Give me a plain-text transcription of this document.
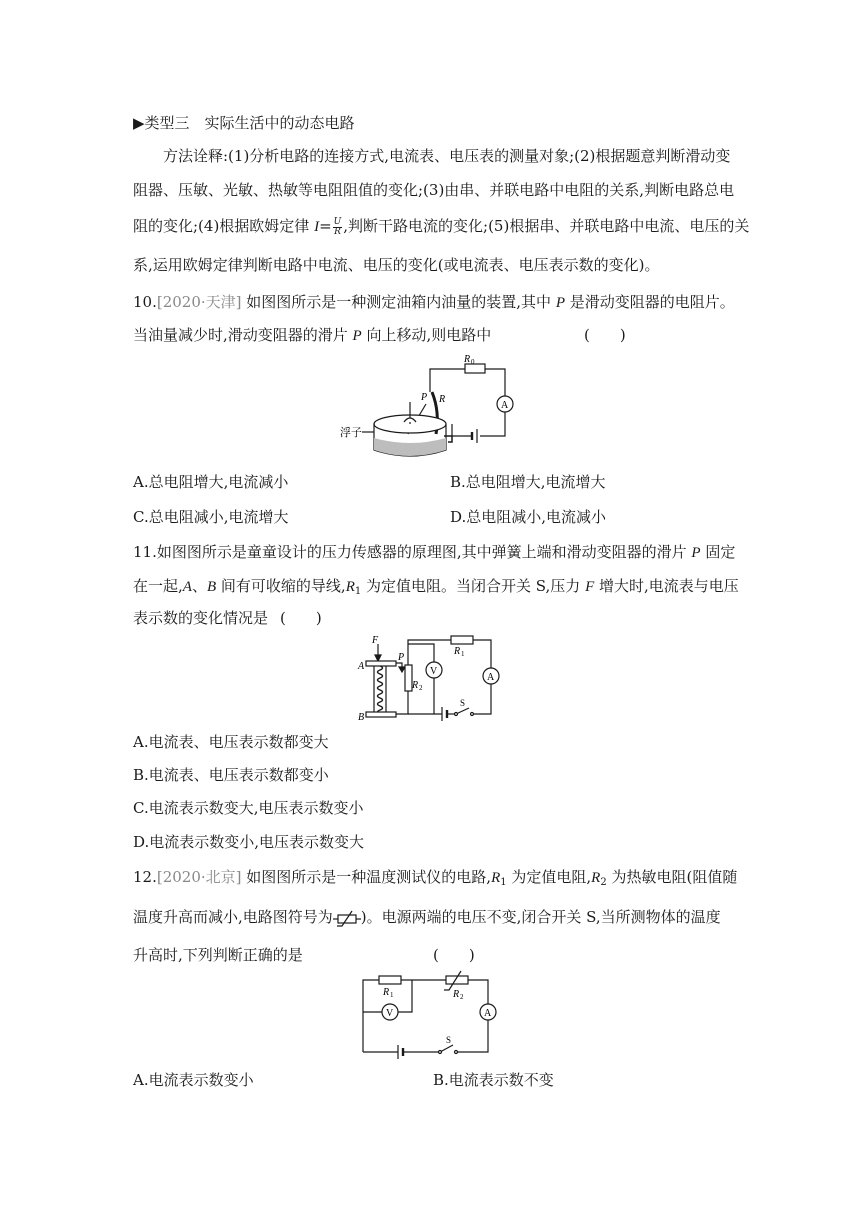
▶类型三　实际生活中的动态电路
方法诠释:(1)分析电路的连接方式,电流表、电压表的测量对象;(2)根据题意判断滑动变
阻器、压敏、光敏、热敏等电阻阻值的变化;(3)由串、并联电路中电阻的关系,判断电路总电
阻的变化;(4)根据欧姆定律 $I= \frac{U}{R}$ ,判断干路电流的变化;(5)根据串、并联电路中电流、电压的关
系,运用欧姆定律判断电路中电流、电压的变化(或电流表、电压表示数的变化)。
10.[2020·天津] 如图图所示是一种测定油箱内油量的装置,其中 P 是滑动变阻器的电阻片。
当油量减少时,滑动变阻器的滑片 P 向上移动,则电路中	(　　)
R 0
P R
A
浮子
A.总电阻增大,电流减小	B.总电阻增大,电流增大
C.总电阻减小,电流增大	D.总电阻减小,电流减小
11.如图图所示是童童设计的压力传感器的原理图,其中弹簧上端和滑动变阻器的滑片 P 固定
在一起,A、B 间有可收缩的导线$,R_1$ 为定值电阻。当闭合开关 S,压力 F 增大时,电流表与电压
表示数的变化情况是 (　　)
F
A
B
P
R 1
R 2
V
A
S
A.电流表、电压表示数都变大
B.电流表、电压表示数都变小
C.电流表示数变大,电压表示数变小
D.电流表示数变小,电压表示数变大
12.[2020·北京] 如图图所示是一种温度测试仪的电路$,R_1$ 为定值电阻$,R_2$ 为热敏电阻(阻值随
温度升高而减小,电路图符号为 )。电源两端的电压不变,闭合开关 S,当所测物体的温度
升高时,下列判断正确的是	(　　)
R 1	R 2
V	A
S
A.电流表示数变小	B.电流表示数不变
